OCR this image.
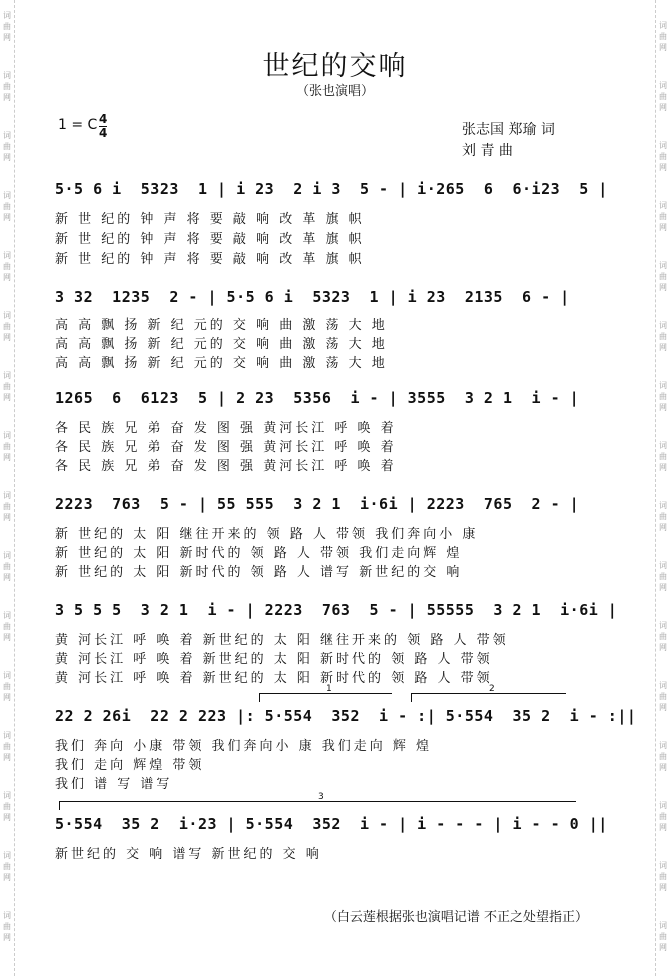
词曲网
词曲网
词曲网
词曲网
词曲网
词曲网
词曲网
词曲网
词曲网
词曲网
词曲网
词曲网
词曲网
词曲网
词曲网
词曲网
词曲网
词曲网
词曲网
词曲网
词曲网
词曲网
词曲网
词曲网
词曲网
词曲网
词曲网
词曲网
词曲网
词曲网
词曲网
词曲网
世纪的交响
（张也演唱）
1 = C 4
4	张志国 郑瑜 词
刘 青 曲
5·5 6 i  5323  1 | i 23  2 i 3  5 - | i·265  6  6·i23  5 |
新 世 纪的 钟 声 将 要 敲 响 改 革 旗 帜
新 世 纪的 钟 声 将 要 敲 响 改 革 旗 帜
新 世 纪的 钟 声 将 要 敲 响 改 革 旗 帜
3 32  1235  2 - | 5·5 6 i  5323  1 | i 23  2135  6 - |
高 高 飘 扬 新 纪 元的 交 响 曲 激 荡 大 地
高 高 飘 扬 新 纪 元的 交 响 曲 激 荡 大 地
高 高 飘 扬 新 纪 元的 交 响 曲 激 荡 大 地
1265  6  6123  5 | 2 23  5356  i - | 3555  3 2 1  i - |
各 民 族 兄 弟 奋 发 图 强 黄河长江 呼 唤 着
各 民 族 兄 弟 奋 发 图 强 黄河长江 呼 唤 着
各 民 族 兄 弟 奋 发 图 强 黄河长江 呼 唤 着
2223  763  5 - | 55 555  3 2 1  i·6i | 2223  765  2 - |
新 世纪的 太 阳 继往开来的 领 路 人 带领 我们奔向小 康
新 世纪的 太 阳 新时代的 领 路 人 带领 我们走向辉 煌
新 世纪的 太 阳 新时代的 领 路 人 谱写 新世纪的交 响
3 5 5 5  3 2 1  i - | 2223  763  5 - | 55555  3 2 1  i·6i |
黄 河长江 呼 唤 着 新世纪的 太 阳 继往开来的 领 路 人 带领
黄 河长江 呼 唤 着 新世纪的 太 阳 新时代的 领 路 人 带领
黄 河长江 呼 唤 着 新世纪的 太 阳 新时代的 领 路 人 带领
1	2
22 2 26i  22 2 223 |: 5·554  352  i - :| 5·554  35 2  i - :||
我们 奔向 小康 带领 我们奔向小 康 我们走向 辉 煌
我们 走向 辉煌 带领
我们 谱 写 谱写
3
5·554  35 2  i·23 | 5·554  352  i - | i - - - | i - - 0 ||
新世纪的 交 响 谱写 新世纪的 交 响
（白云莲根据张也演唱记谱 不正之处望指正）
